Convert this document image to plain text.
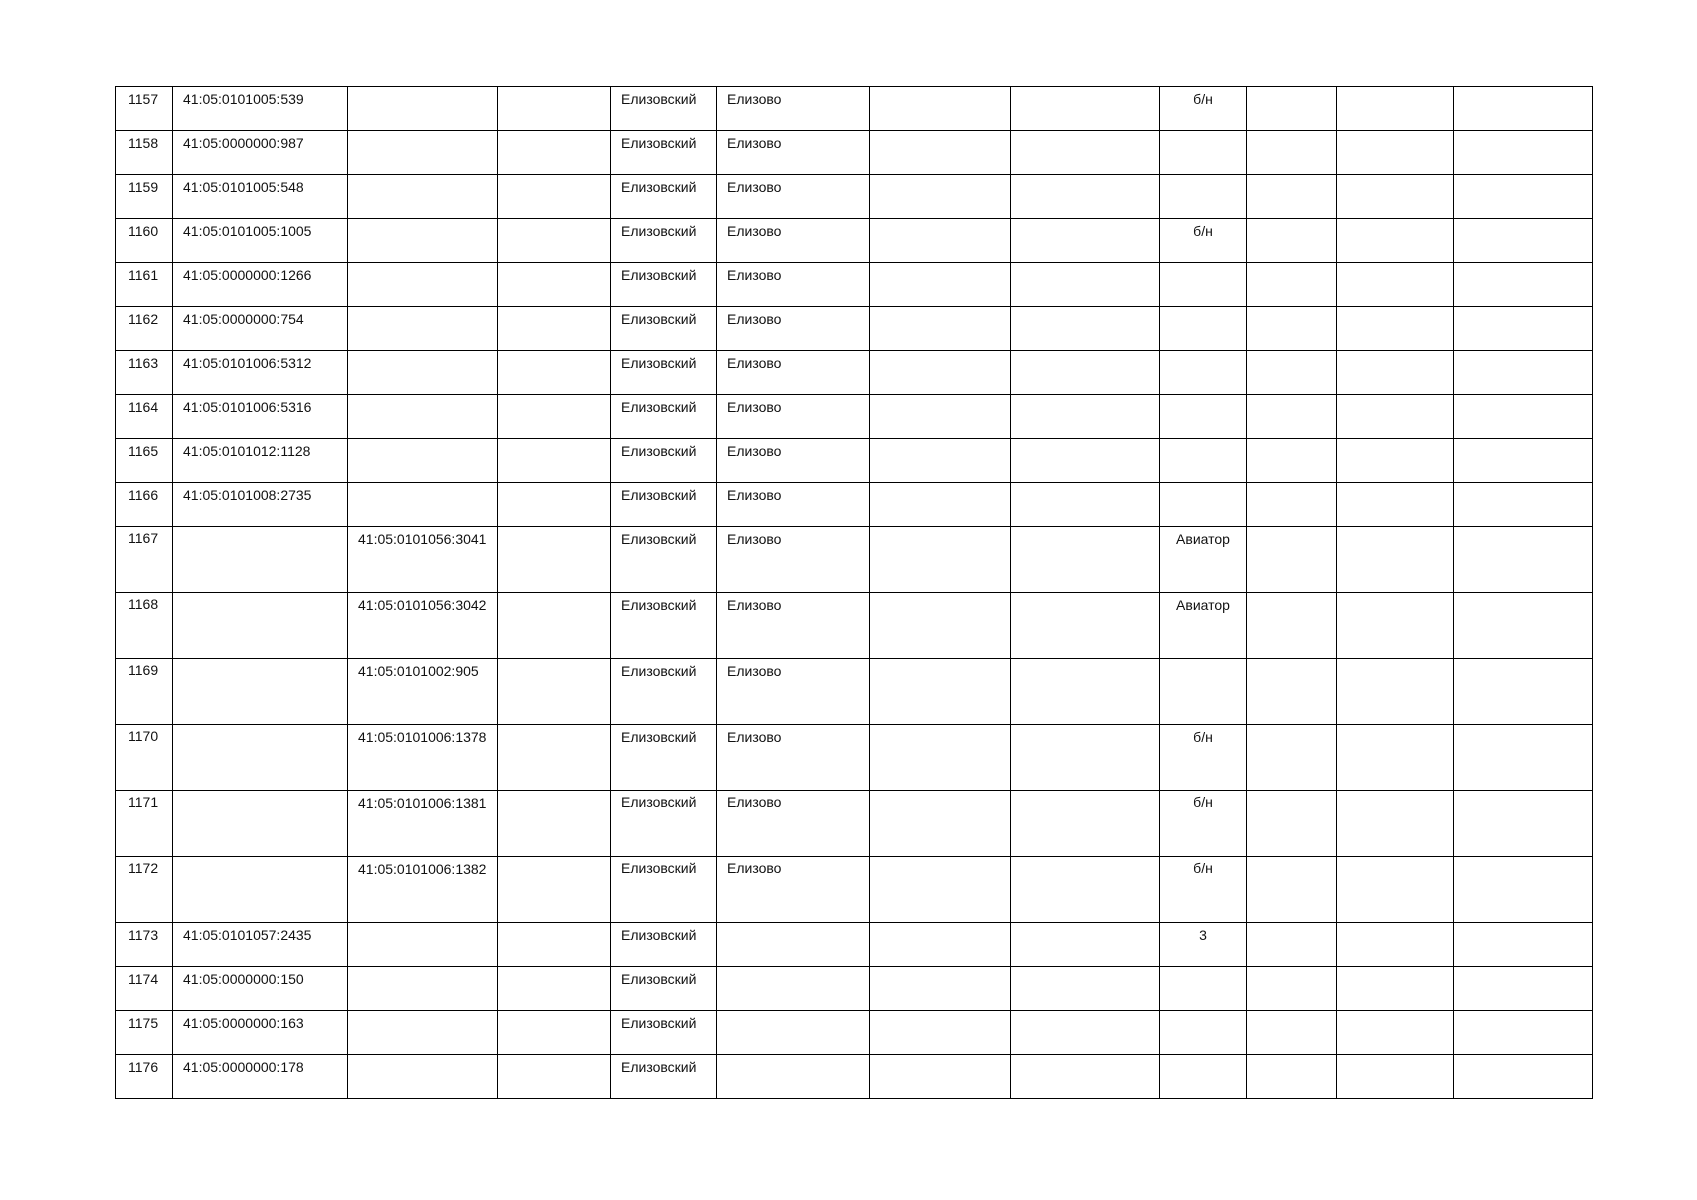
1157	41:05:0101005:539			Елизовский	Елизово			б/н			

1158	41:05:0000000:987			Елизовский	Елизово						

1159	41:05:0101005:548			Елизовский	Елизово						

1160	41:05:0101005:1005			Елизовский	Елизово			б/н			

1161	41:05:0000000:1266			Елизовский	Елизово						

1162	41:05:0000000:754			Елизовский	Елизово						

1163	41:05:0101006:5312			Елизовский	Елизово						

1164	41:05:0101006:5316			Елизовский	Елизово						

1165	41:05:0101012:1128			Елизовский	Елизово						

1166	41:05:0101008:2735			Елизовский	Елизово						

1167		41:05:0101056:3041		Елизовский	Елизово			Авиатор			

1168		41:05:0101056:3042		Елизовский	Елизово			Авиатор			

1169		41:05:0101002:905		Елизовский	Елизово						

1170		41:05:0101006:1378		Елизовский	Елизово			б/н			

1171		41:05:0101006:1381		Елизовский	Елизово			б/н			

1172		41:05:0101006:1382		Елизовский	Елизово			б/н			

1173	41:05:0101057:2435			Елизовский				3			

1174	41:05:0000000:150			Елизовский							

1175	41:05:0000000:163			Елизовский							

1176	41:05:0000000:178			Елизовский							
